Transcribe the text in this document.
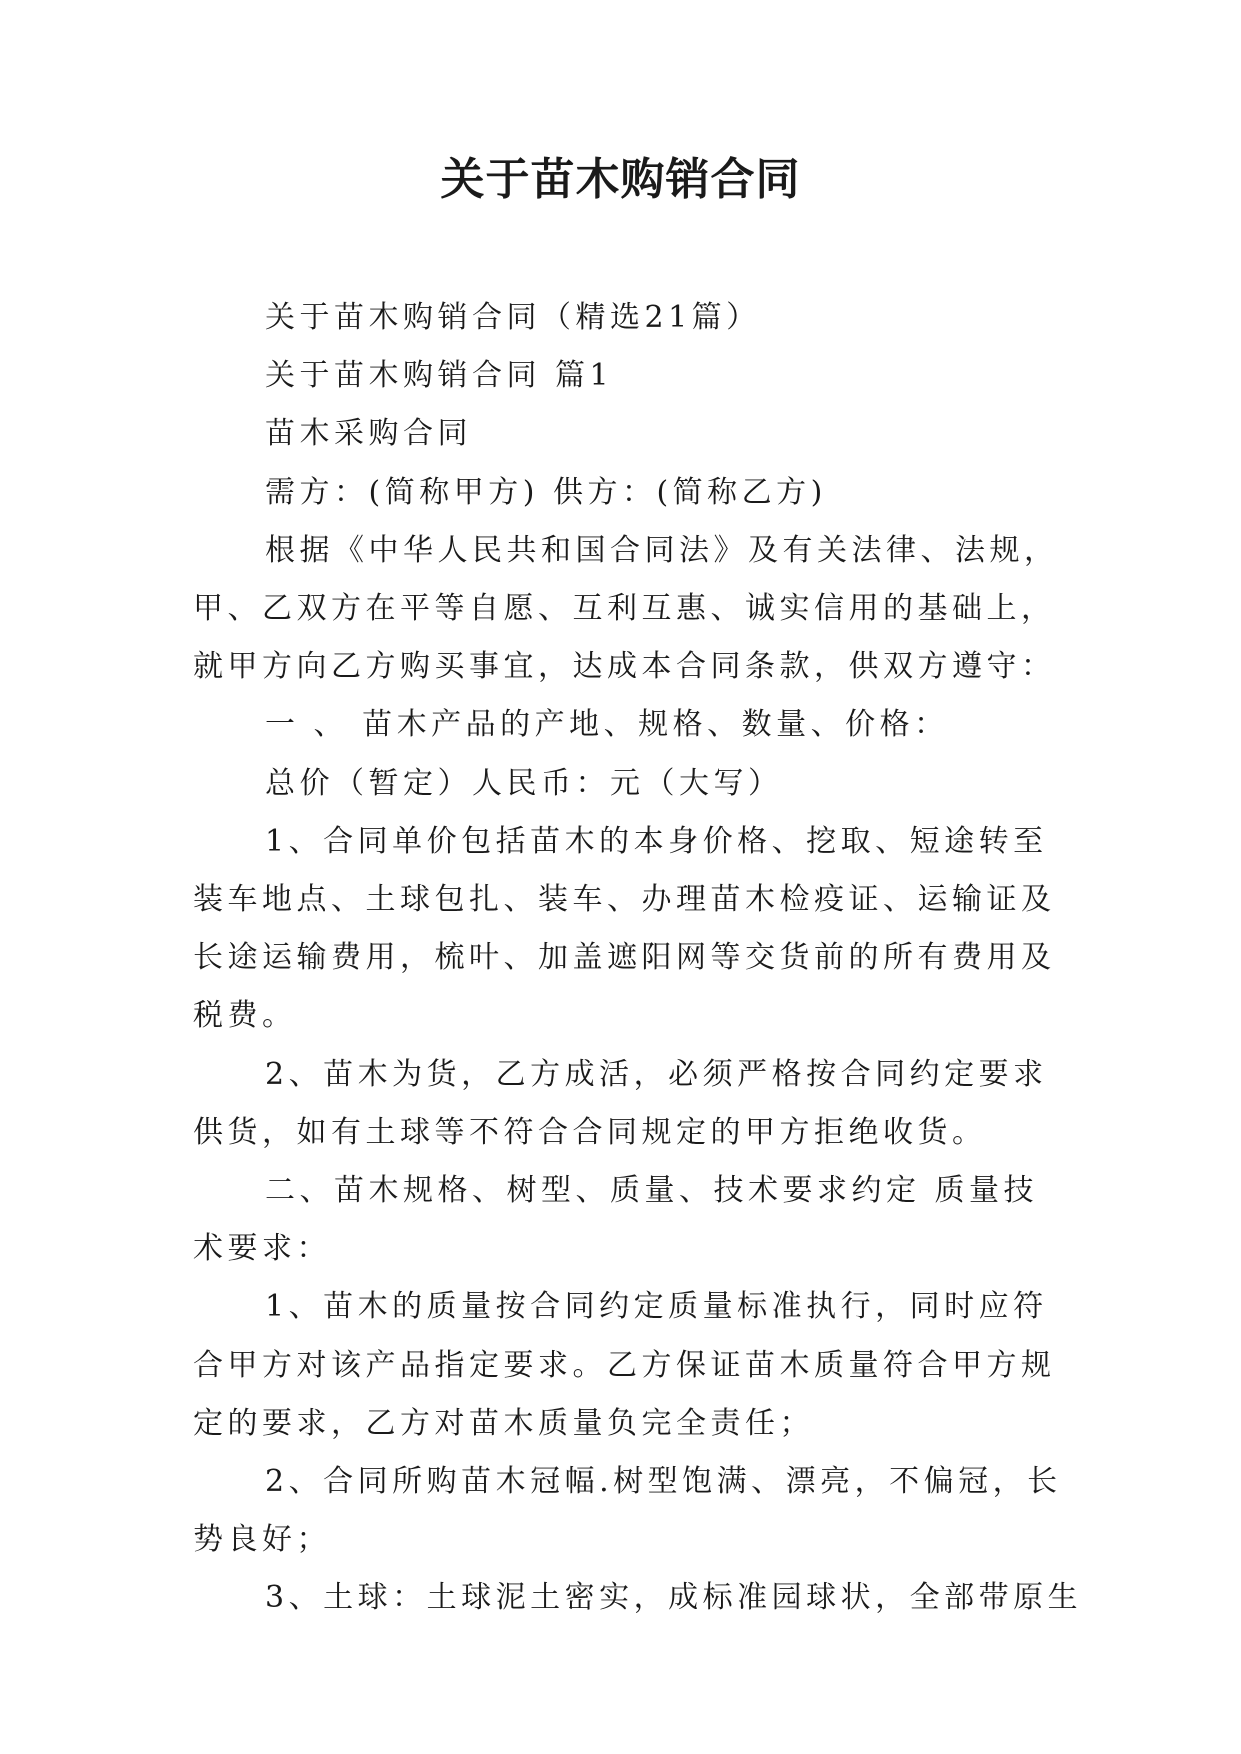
关于苗木购销合同

关于苗木购销合同（精选21篇）

关于苗木购销合同 篇1

苗木采购合同

需方：(简称甲方) 供方：(简称乙方)

根据《中华人民共和国合同法》及有关法律、法规，甲、乙双方在平等自愿、互利互惠、诚实信用的基础上，就甲方向乙方购买事宜，达成本合同条款，供双方遵守：

一 、 苗木产品的产地、规格、数量、价格：

总价（暂定）人民币：元（大写）

1、合同单价包括苗木的本身价格、挖取、短途转至装车地点、土球包扎、装车、办理苗木检疫证、运输证及长途运输费用，梳叶、加盖遮阳网等交货前的所有费用及税费。

2、苗木为货，乙方成活，必须严格按合同约定要求供货，如有土球等不符合合同规定的甲方拒绝收货。

二、苗木规格、树型、质量、技术要求约定 质量技术要求：

1、苗木的质量按合同约定质量标准执行，同时应符合甲方对该产品指定要求。乙方保证苗木质量符合甲方规定的要求，乙方对苗木质量负完全责任；

2、合同所购苗木冠幅.树型饱满、漂亮，不偏冠，长势良好；

3、土球：土球泥土密实，成标准园球状，全部带原生
